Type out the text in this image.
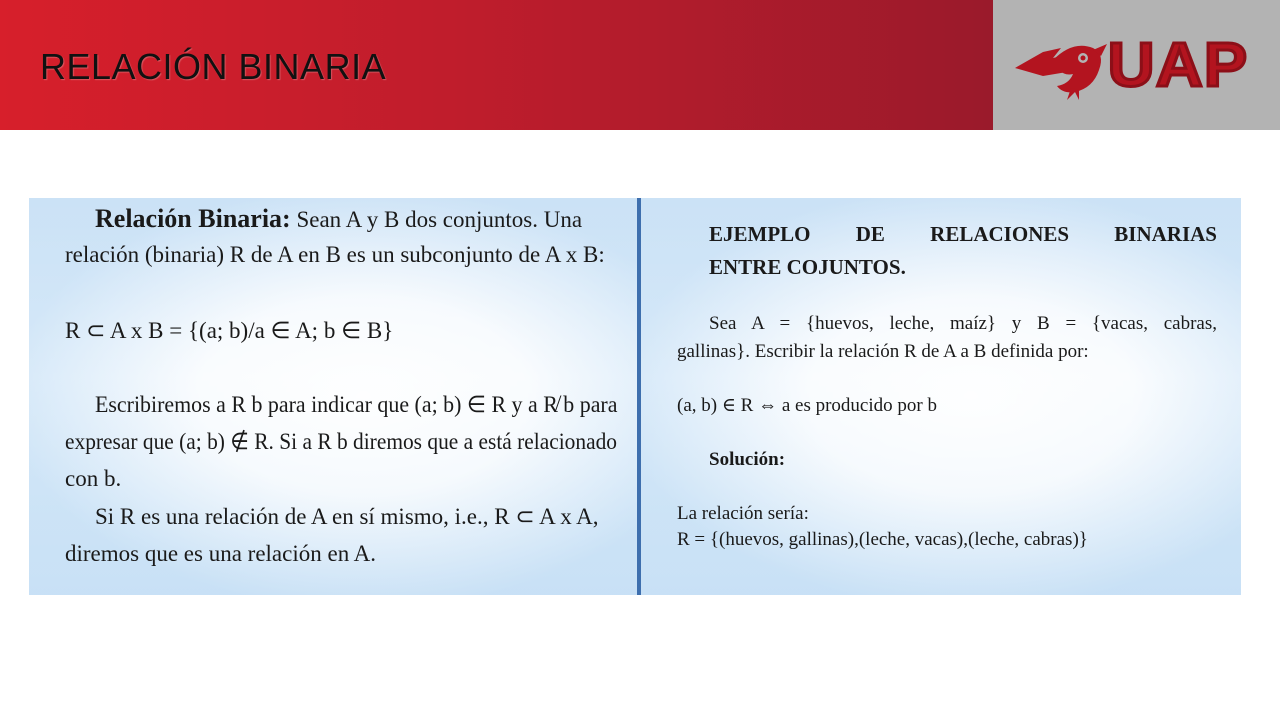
RELACIÓN BINARIA	UAP
Relación Binaria: Sean A y B dos conjuntos. Una
relación (binaria) R de A en B es un subconjunto de A x B:
R ⊂ A x B = {(a; b)/a ∈ A; b ∈ B}
Escribiremos a R b para indicar que (a; b) ∈ R y a R̸ b para
expresar que (a; b) ∉ R. Si a R b diremos que a está relacionado
con b.
Si R es una relación de A en sí mismo, i.e., R ⊂ A x A,
diremos que es una relación en A.
EJEMPLO DE RELACIONES BINARIAS
ENTRE COJUNTOS.
Sea A = {huevos, leche, maíz} y B = {vacas, cabras,
gallinas}. Escribir la relación R de A a B definida por:
(a, b) ∈ R ⇔ a es producido por b
Solución:
La relación sería:
R = {(huevos, gallinas),(leche, vacas),(leche, cabras)}
